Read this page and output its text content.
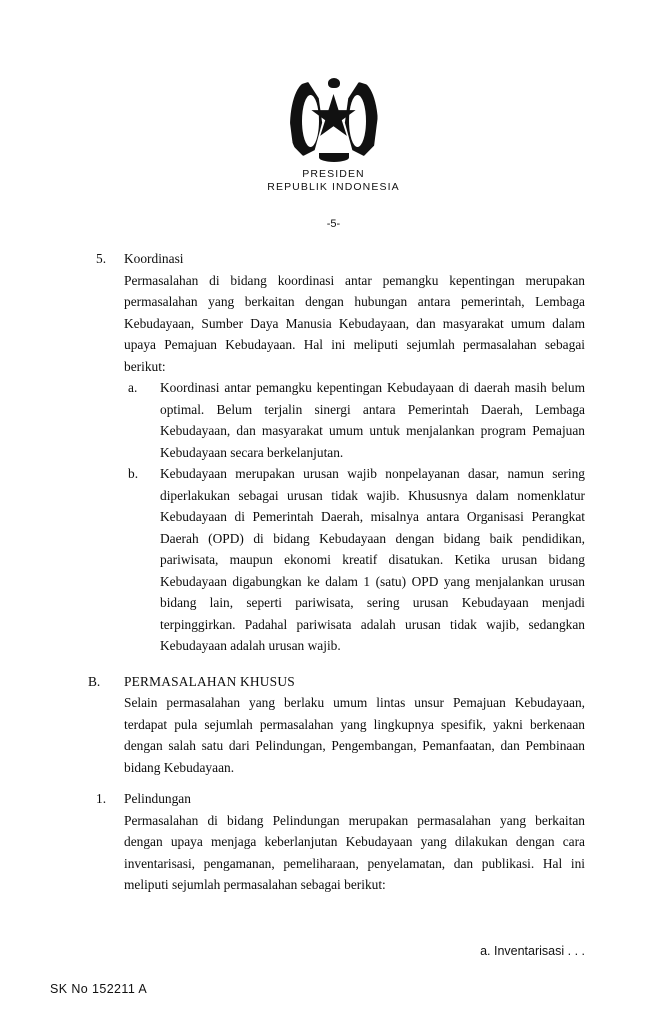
PRESIDEN
REPUBLIK INDONESIA
-5-
5.	Koordinasi
Permasalahan di bidang koordinasi antar pemangku kepentingan merupakan permasalahan yang berkaitan dengan hubungan antara pemerintah, Lembaga Kebudayaan, Sumber Daya Manusia Kebudayaan, dan masyarakat umum dalam upaya Pemajuan Kebudayaan. Hal ini meliputi sejumlah permasalahan sebagai berikut:
a.	Koordinasi antar pemangku kepentingan Kebudayaan di daerah masih belum optimal. Belum terjalin sinergi antara Pemerintah Daerah, Lembaga Kebudayaan, dan masyarakat umum untuk menjalankan program Pemajuan Kebudayaan secara berkelanjutan.
b.	Kebudayaan merupakan urusan wajib nonpelayanan dasar, namun sering diperlakukan sebagai urusan tidak wajib. Khususnya dalam nomenklatur Kebudayaan di Pemerintah Daerah, misalnya antara Organisasi Perangkat Daerah (OPD) di bidang Kebudayaan dengan bidang baik pendidikan, pariwisata, maupun ekonomi kreatif disatukan. Ketika urusan bidang Kebudayaan digabungkan ke dalam 1 (satu) OPD yang menjalankan urusan bidang lain, seperti pariwisata, sering urusan Kebudayaan menjadi terpinggirkan. Padahal pariwisata adalah urusan tidak wajib, sedangkan Kebudayaan adalah urusan wajib.
B.	PERMASALAHAN KHUSUS
Selain permasalahan yang berlaku umum lintas unsur Pemajuan Kebudayaan, terdapat pula sejumlah permasalahan yang lingkupnya spesifik, yakni berkenaan dengan salah satu dari Pelindungan, Pengembangan, Pemanfaatan, dan Pembinaan bidang Kebudayaan.
1.	Pelindungan
Permasalahan di bidang Pelindungan merupakan permasalahan yang berkaitan dengan upaya menjaga keberlanjutan Kebudayaan yang dilakukan dengan cara inventarisasi, pengamanan, pemeliharaan, penyelamatan, dan publikasi. Hal ini meliputi sejumlah permasalahan sebagai berikut:
a. Inventarisasi . . .
SK No 152211 A
